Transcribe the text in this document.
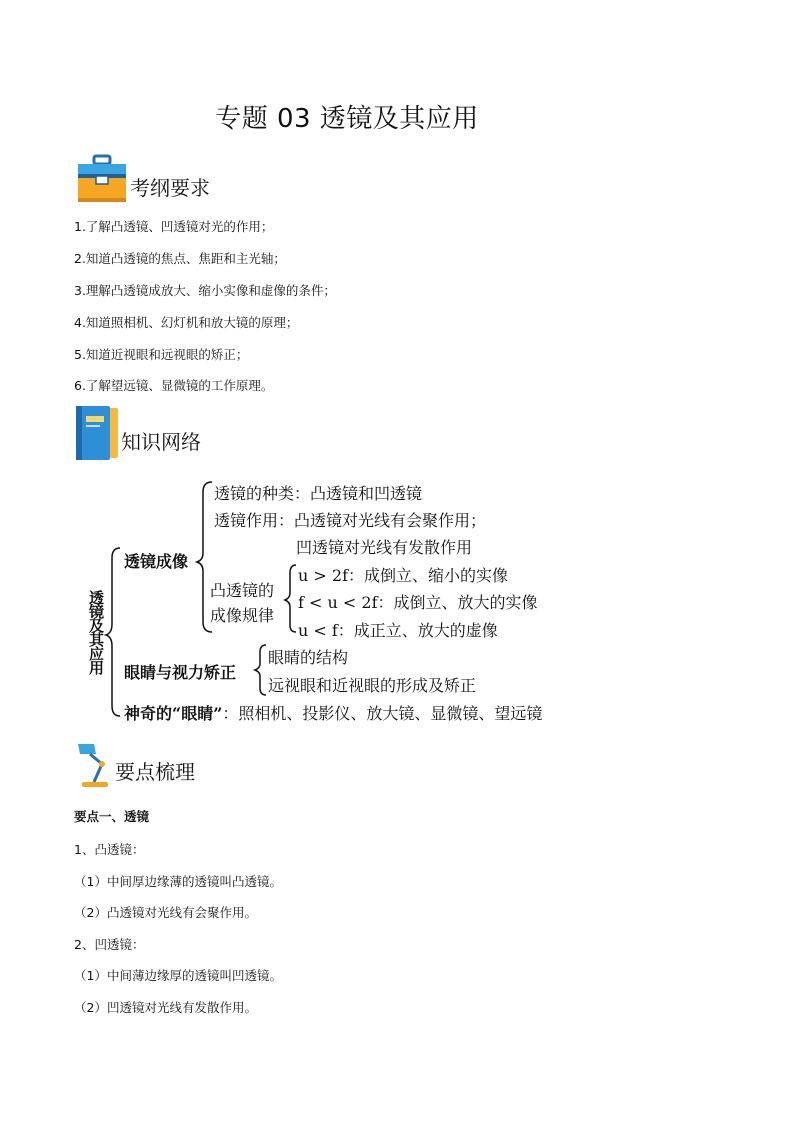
专题 03 透镜及其应用
考纲要求
1.了解凸透镜、凹透镜对光的作用；
2.知道凸透镜的焦点、焦距和主光轴；
3.理解凸透镜成放大、缩小实像和虚像的条件；
4.知道照相机、幻灯机和放大镜的原理；
5.知道近视眼和远视眼的矫正；
6.了解望远镜、显微镜的工作原理。
知识网络
透镜及其应用
透镜成像
透镜的种类：凸透镜和凹透镜
透镜作用：凸透镜对光线有会聚作用；
凹透镜对光线有发散作用
凸透镜的
成像规律
u > 2f：成倒立、缩小的实像
f < u < 2f：成倒立、放大的实像
u < f：成正立、放大的虚像
眼睛与视力矫正
眼睛的结构
远视眼和近视眼的形成及矫正
神奇的“眼睛”：照相机、投影仪、放大镜、显微镜、望远镜
要点梳理
要点一、透镜
1、凸透镜：
（1）中间厚边缘薄的透镜叫凸透镜。
（2）凸透镜对光线有会聚作用。
2、凹透镜：
（1）中间薄边缘厚的透镜叫凹透镜。
（2）凹透镜对光线有发散作用。
